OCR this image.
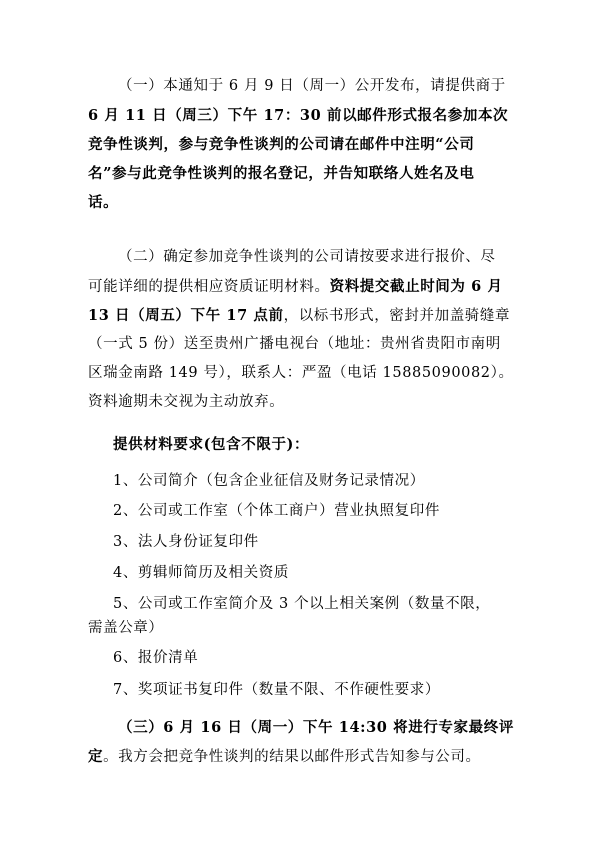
（一）本通知于 6 月 9 日（周一）公开发布，请提供商于
6 月 11 日（周三）下午 17：30 前以邮件形式报名参加本次
竞争性谈判，参与竞争性谈判的公司请在邮件中注明“公司
名”参与此竞争性谈判的报名登记，并告知联络人姓名及电
话。
（二）确定参加竞争性谈判的公司请按要求进行报价、尽
可能详细的提供相应资质证明材料。资料提交截止时间为 6 月
13 日（周五）下午 17 点前，以标书形式，密封并加盖骑缝章
（一式 5 份）送至贵州广播电视台（地址：贵州省贵阳市南明
区瑞金南路 149 号），联系人：严盈（电话 15885090082）。
资料逾期未交视为主动放弃。
提供材料要求(包含不限于)：
1、公司简介（包含企业征信及财务记录情况）
2、公司或工作室（个体工商户）营业执照复印件
3、法人身份证复印件
4、剪辑师简历及相关资质
5、公司或工作室简介及 3 个以上相关案例（数量不限，
需盖公章）
6、报价清单
7、奖项证书复印件（数量不限、不作硬性要求）
（三）6 月 16 日（周一）下午 14:30 将进行专家最终评
定。我方会把竞争性谈判的结果以邮件形式告知参与公司。
